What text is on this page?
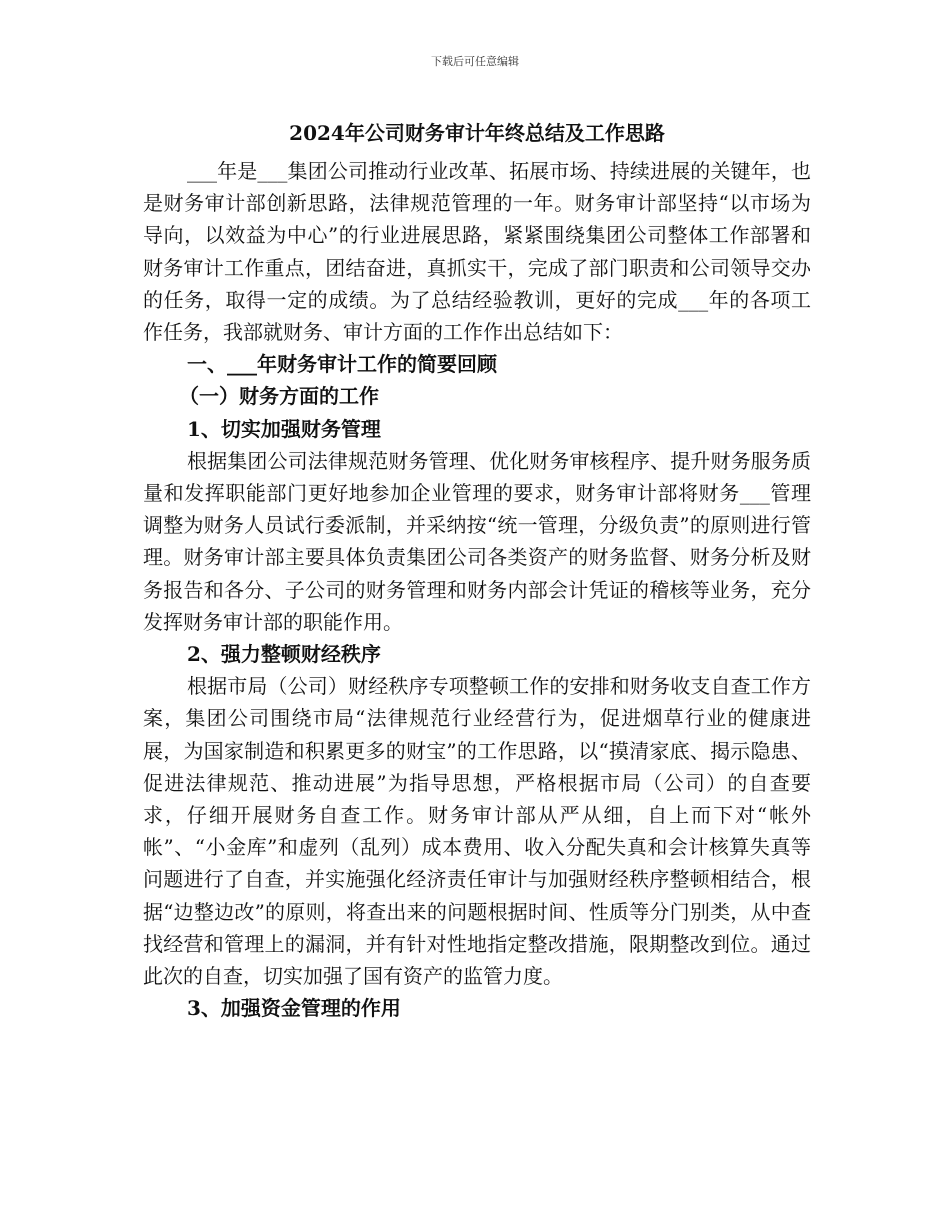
下载后可任意编辑
2024年公司财务审计年终总结及工作思路

___年是___集团公司推动行业改革、拓展市场、持续进展的关键年，也是财务审计部创新思路，法律规范管理的一年。财务审计部坚持“以市场为导向，以效益为中心”的行业进展思路，紧紧围绕集团公司整体工作部署和财务审计工作重点，团结奋进，真抓实干，完成了部门职责和公司领导交办的任务，取得一定的成绩。为了总结经验教训，更好的完成___年的各项工作任务，我部就财务、审计方面的工作作出总结如下：

一、___年财务审计工作的简要回顾
（一）财务方面的工作
1、切实加强财务管理

根据集团公司法律规范财务管理、优化财务审核程序、提升财务服务质量和发挥职能部门更好地参加企业管理的要求，财务审计部将财务___管理调整为财务人员试行委派制，并采纳按“统一管理，分级负责”的原则进行管理。财务审计部主要具体负责集团公司各类资产的财务监督、财务分析及财务报告和各分、子公司的财务管理和财务内部会计凭证的稽核等业务，充分发挥财务审计部的职能作用。

2、强力整顿财经秩序

根据市局（公司）财经秩序专项整顿工作的安排和财务收支自查工作方案，集团公司围绕市局“法律规范行业经营行为，促进烟草行业的健康进展，为国家制造和积累更多的财宝”的工作思路，以“摸清家底、揭示隐患、促进法律规范、推动进展”为指导思想，严格根据市局（公司）的自查要求，仔细开展财务自查工作。财务审计部从严从细，自上而下对“帐外帐”、“小金库”和虚列（乱列）成本费用、收入分配失真和会计核算失真等问题进行了自查，并实施强化经济责任审计与加强财经秩序整顿相结合，根据“边整边改”的原则，将查出来的问题根据时间、性质等分门别类，从中查找经营和管理上的漏洞，并有针对性地指定整改措施，限期整改到位。通过此次的自查，切实加强了国有资产的监管力度。

3、加强资金管理的作用
